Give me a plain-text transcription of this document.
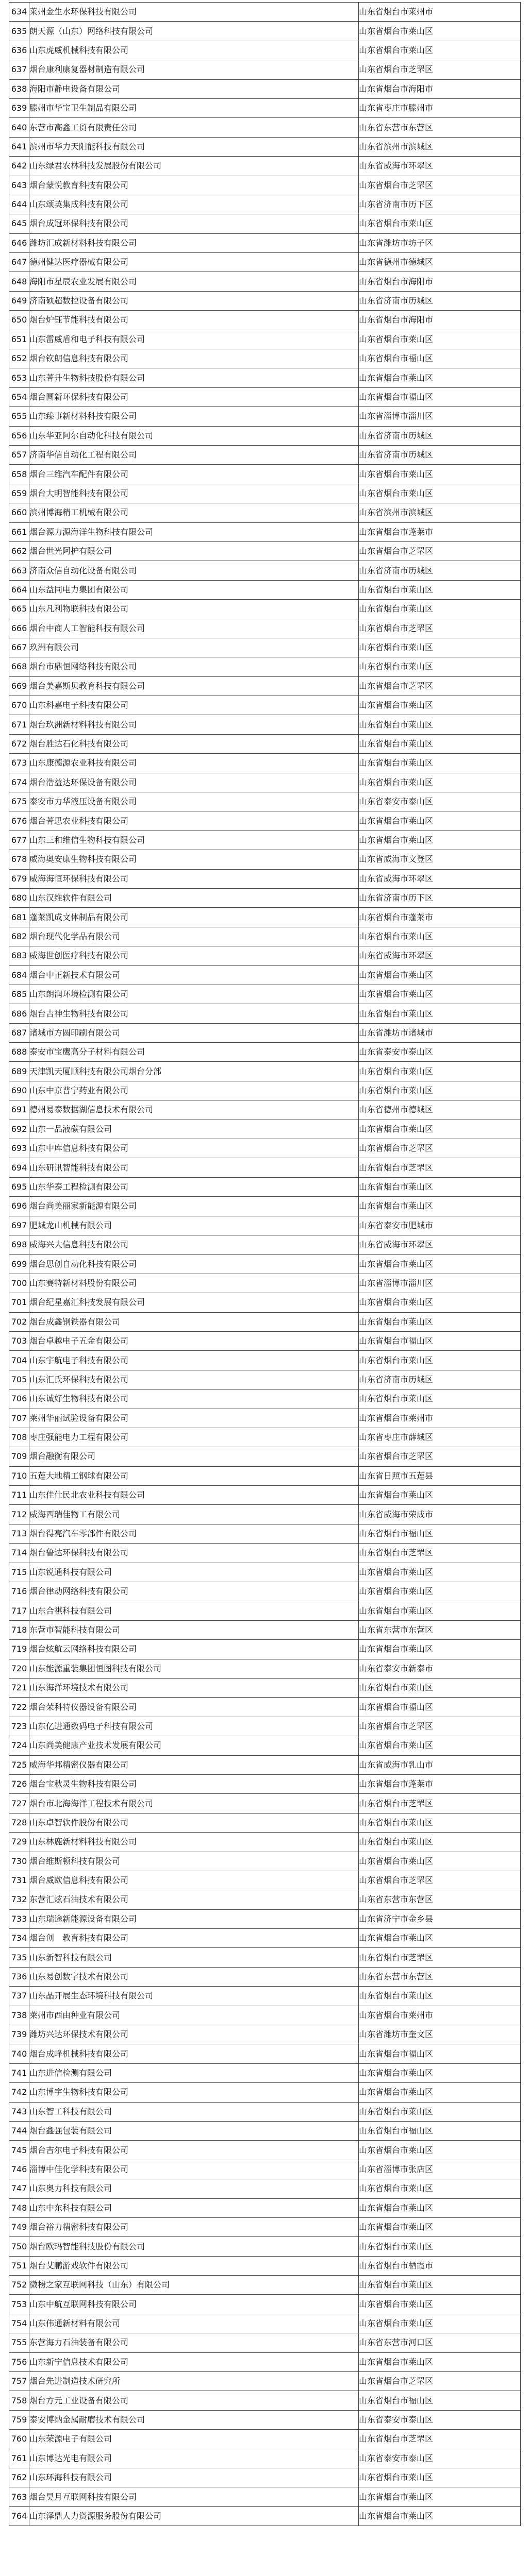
634	莱州金生水环保科技有限公司	山东省烟台市莱州市
635	朗天源（山东）网络科技有限公司	山东省烟台市莱山区
636	山东虎威机械科技有限公司	山东省烟台市莱山区
637	烟台康利康复器材制造有限公司	山东省烟台市芝罘区
638	海阳市静电设备有限公司	山东省烟台市海阳市
639	滕州市华宝卫生制品有限公司	山东省枣庄市滕州市
640	东营市高鑫工贸有限责任公司	山东省东营市东营区
641	滨州市华力天阳能科技有限公司	山东省滨州市滨城区
642	山东绿君农林科技发展股份有限公司	山东省威海市环翠区
643	烟台蒙悦教育科技有限公司	山东省烟台市芝罘区
644	山东颂英集成科技有限公司	山东省济南市历下区
645	烟台成冠环保科技有限公司	山东省烟台市莱山区
646	潍坊汇成新材料科技有限公司	山东省潍坊市坊子区
647	德州健达医疗器械有限公司	山东省德州市德城区
648	海阳市星辰农业发展有限公司	山东省烟台市海阳市
649	济南硕超数控设备有限公司	山东省济南市历城区
650	烟台炉钰节能科技有限公司	山东省烟台市海阳市
651	山东雷威盾和电子科技有限公司	山东省烟台市莱山区
652	烟台钦朗信息科技有限公司	山东省烟台市福山区
653	山东菁升生物科技股份有限公司	山东省烟台市莱山区
654	烟台圆新环保科技有限公司	山东省烟台市福山区
655	山东臻事新材料科技有限公司	山东省淄博市淄川区
656	山东华亚阿尔自动化科技有限公司	山东省济南市历城区
657	济南华信自动化工程有限公司	山东省济南市历城区
658	烟台三维汽车配件有限公司	山东省烟台市莱山区
659	烟台大明智能科技有限公司	山东省烟台市莱山区
660	滨州博海精工机械有限公司	山东省滨州市滨城区
661	烟台源力源海洋生物科技有限公司	山东省烟台市蓬莱市
662	烟台世光阿护有限公司	山东省烟台市芝罘区
663	济南众信自动化设备有限公司	山东省济南市历城区
664	山东益同电力集团有限公司	山东省烟台市莱山区
665	山东凡利物联科技有限公司	山东省烟台市莱山区
666	烟台中商人工智能科技有限公司	山东省烟台市芝罘区
667	玖洲有限公司	山东省烟台市莱山区
668	烟台市鼎恒网络科技有限公司	山东省烟台市莱山区
669	烟台美嘉斯贝教育科技有限公司	山东省烟台市芝罘区
670	山东科嘉电子科技有限公司	山东省烟台市莱山区
671	烟台玖洲新材料科技有限公司	山东省烟台市莱山区
672	烟台胜达石化科技有限公司	山东省烟台市莱山区
673	山东康德源农业科技有限公司	山东省烟台市莱山区
674	烟台浩益达环保设备有限公司	山东省烟台市莱山区
675	泰安市力华液压设备有限公司	山东省泰安市泰山区
676	烟台菁思农业科技有限公司	山东省烟台市莱山区
677	山东三和维信生物科技有限公司	山东省烟台市莱山区
678	威海奥安康生物科技有限公司	山东省威海市文登区
679	威海海恒环保科技有限公司	山东省威海市环翠区
680	山东汉维软件有限公司	山东省济南市历下区
681	蓬莱凯成文体制品有限公司	山东省烟台市蓬莱市
682	烟台现代化学品有限公司	山东省烟台市莱山区
683	威海世创医疗科技有限公司	山东省威海市环翠区
684	烟台中正新技术有限公司	山东省烟台市莱山区
685	山东朗润环境检测有限公司	山东省烟台市莱山区
686	烟台吉神生物科技有限公司	山东省烟台市莱山区
687	诸城市方圆印刷有限公司	山东省潍坊市诸城市
688	泰安市宝鹰高分子材料有限公司	山东省泰安市泰山区
689	天津凯天厦顺科技有限公司烟台分部	山东省烟台市莱山区
690	山东中京普宁药业有限公司	山东省烟台市莱山区
691	德州易泰数据湖信息技术有限公司	山东省德州市德城区
692	山东一品液碳有限公司	山东省烟台市莱山区
693	山东中库信息科技有限公司	山东省烟台市芝罘区
694	山东研讯智能科技有限公司	山东省烟台市芝罘区
695	山东华泰工程检测有限公司	山东省烟台市莱山区
696	烟台尚美丽家新能源有限公司	山东省烟台市莱山区
697	肥城龙山机械有限公司	山东省泰安市肥城市
698	威海兴大信息科技有限公司	山东省威海市环翠区
699	烟台思创自动化科技有限公司	山东省烟台市莱山区
700	山东赛特新材料股份有限公司	山东省淄博市淄川区
701	烟台纪星嘉汇科技发展有限公司	山东省烟台市莱山区
702	烟台成鑫钢铁器有限公司	山东省烟台市莱山区
703	烟台卓越电子五金有限公司	山东省烟台市福山区
704	山东宇航电子科技有限公司	山东省烟台市莱山区
705	山东汇氏环保科技有限公司	山东省济南市历城区
706	山东诚好生物科技有限公司	山东省烟台市莱山区
707	莱州华丽试验设备有限公司	山东省烟台市莱州市
708	枣庄强能电力工程有限公司	山东省枣庄市薛城区
709	烟台融衡有限公司	山东省烟台市芝罘区
710	五莲大地精工钢球有限公司	山东省日照市五莲县
711	山东佳仕民北农业科技有限公司	山东省烟台市莱山区
712	威海西瑞佳物工有限公司	山东省威海市荣成市
713	烟台得亮汽车零部件有限公司	山东省烟台市福山区
714	烟台鲁达环保科技有限公司	山东省烟台市芝罘区
715	山东锐通科技有限公司	山东省烟台市莱山区
716	烟台律动网络科技有限公司	山东省烟台市莱山区
717	山东合祺科技有限公司	山东省烟台市莱山区
718	东营市智能科技有限公司	山东省东营市东营区
719	烟台炫航云网络科技有限公司	山东省烟台市莱山区
720	山东能源重装集团恒图科技有限公司	山东省泰安市新泰市
721	山东海洋环境技术有限公司	山东省烟台市莱山区
722	烟台荣科特仪器设备有限公司	山东省烟台市福山区
723	山东亿进通数码电子科技有限公司	山东省烟台市芝罘区
724	山东尚美健康产业技术发展有限公司	山东省烟台市莱山区
725	威海华邦精密仪器有限公司	山东省威海市乳山市
726	烟台宝秋灵生物科技有限公司	山东省烟台市蓬莱市
727	烟台市北海海洋工程技术有限公司	山东省烟台市芝罘区
728	山东卓智软件股份有限公司	山东省烟台市莱山区
729	山东林鹿新材料科技有限公司	山东省烟台市莱山区
730	烟台维斯顿科技有限公司	山东省烟台市莱山区
731	烟台威欧信息科技有限公司	山东省烟台市芝罘区
732	东营汇炫石油技术有限公司	山东省东营市东营区
733	山东瑞途新能源设备有限公司	山东省济宁市金乡县
734	烟台创　教育科技有限公司	山东省烟台市莱山区
735	山东新智科技有限公司	山东省烟台市芝罘区
736	山东易创数字技术有限公司	山东省东营市东营区
737	山东晶开展生态环境科技有限公司	山东省烟台市莱山区
738	莱州市西由种业有限公司	山东省烟台市莱州市
739	潍坊兴达环保技术有限公司	山东省潍坊市奎文区
740	烟台成峰机械科技有限公司	山东省烟台市福山区
741	山东进信检测有限公司	山东省烟台市莱山区
742	山东博宇生物科技有限公司	山东省烟台市莱山区
743	山东智工科技有限公司	山东省烟台市莱山区
744	烟台鑫强包装有限公司	山东省烟台市福山区
745	烟台吉尔电子科技有限公司	山东省烟台市莱山区
746	淄博中佳化学科技有限公司	山东省淄博市张店区
747	山东奥力科技有限公司	山东省烟台市莱山区
748	山东中东科技有限公司	山东省烟台市莱山区
749	烟台裕力精密科技有限公司	山东省烟台市莱山区
750	烟台欧玛智能科技股份有限公司	山东省烟台市莱山区
751	烟台艾鹏游戏软件有限公司	山东省烟台市栖霞市
752	微榜之家互联网科技（山东）有限公司	山东省烟台市莱山区
753	山东中航互联网科技有限公司	山东省烟台市莱山区
754	山东伟通新材料有限公司	山东省烟台市莱山区
755	东营海力石油装备有限公司	山东省东营市河口区
756	山东新宁信息技术有限公司	山东省烟台市莱山区
757	烟台先进制造技术研究所	山东省烟台市芝罘区
758	烟台方元工业设备有限公司	山东省烟台市福山区
759	泰安博纳金属耐磨技术有限公司	山东省泰安市泰山区
760	山东荣源电子有限公司	山东省烟台市芝罘区
761	山东博达光电有限公司	山东省泰安市泰山区
762	山东环海科技有限公司	山东省烟台市莱山区
763	烟台昊月互联网科技有限公司	山东省烟台市莱山区
764	山东泽鼎人力资源服务股份有限公司	山东省烟台市莱山区
